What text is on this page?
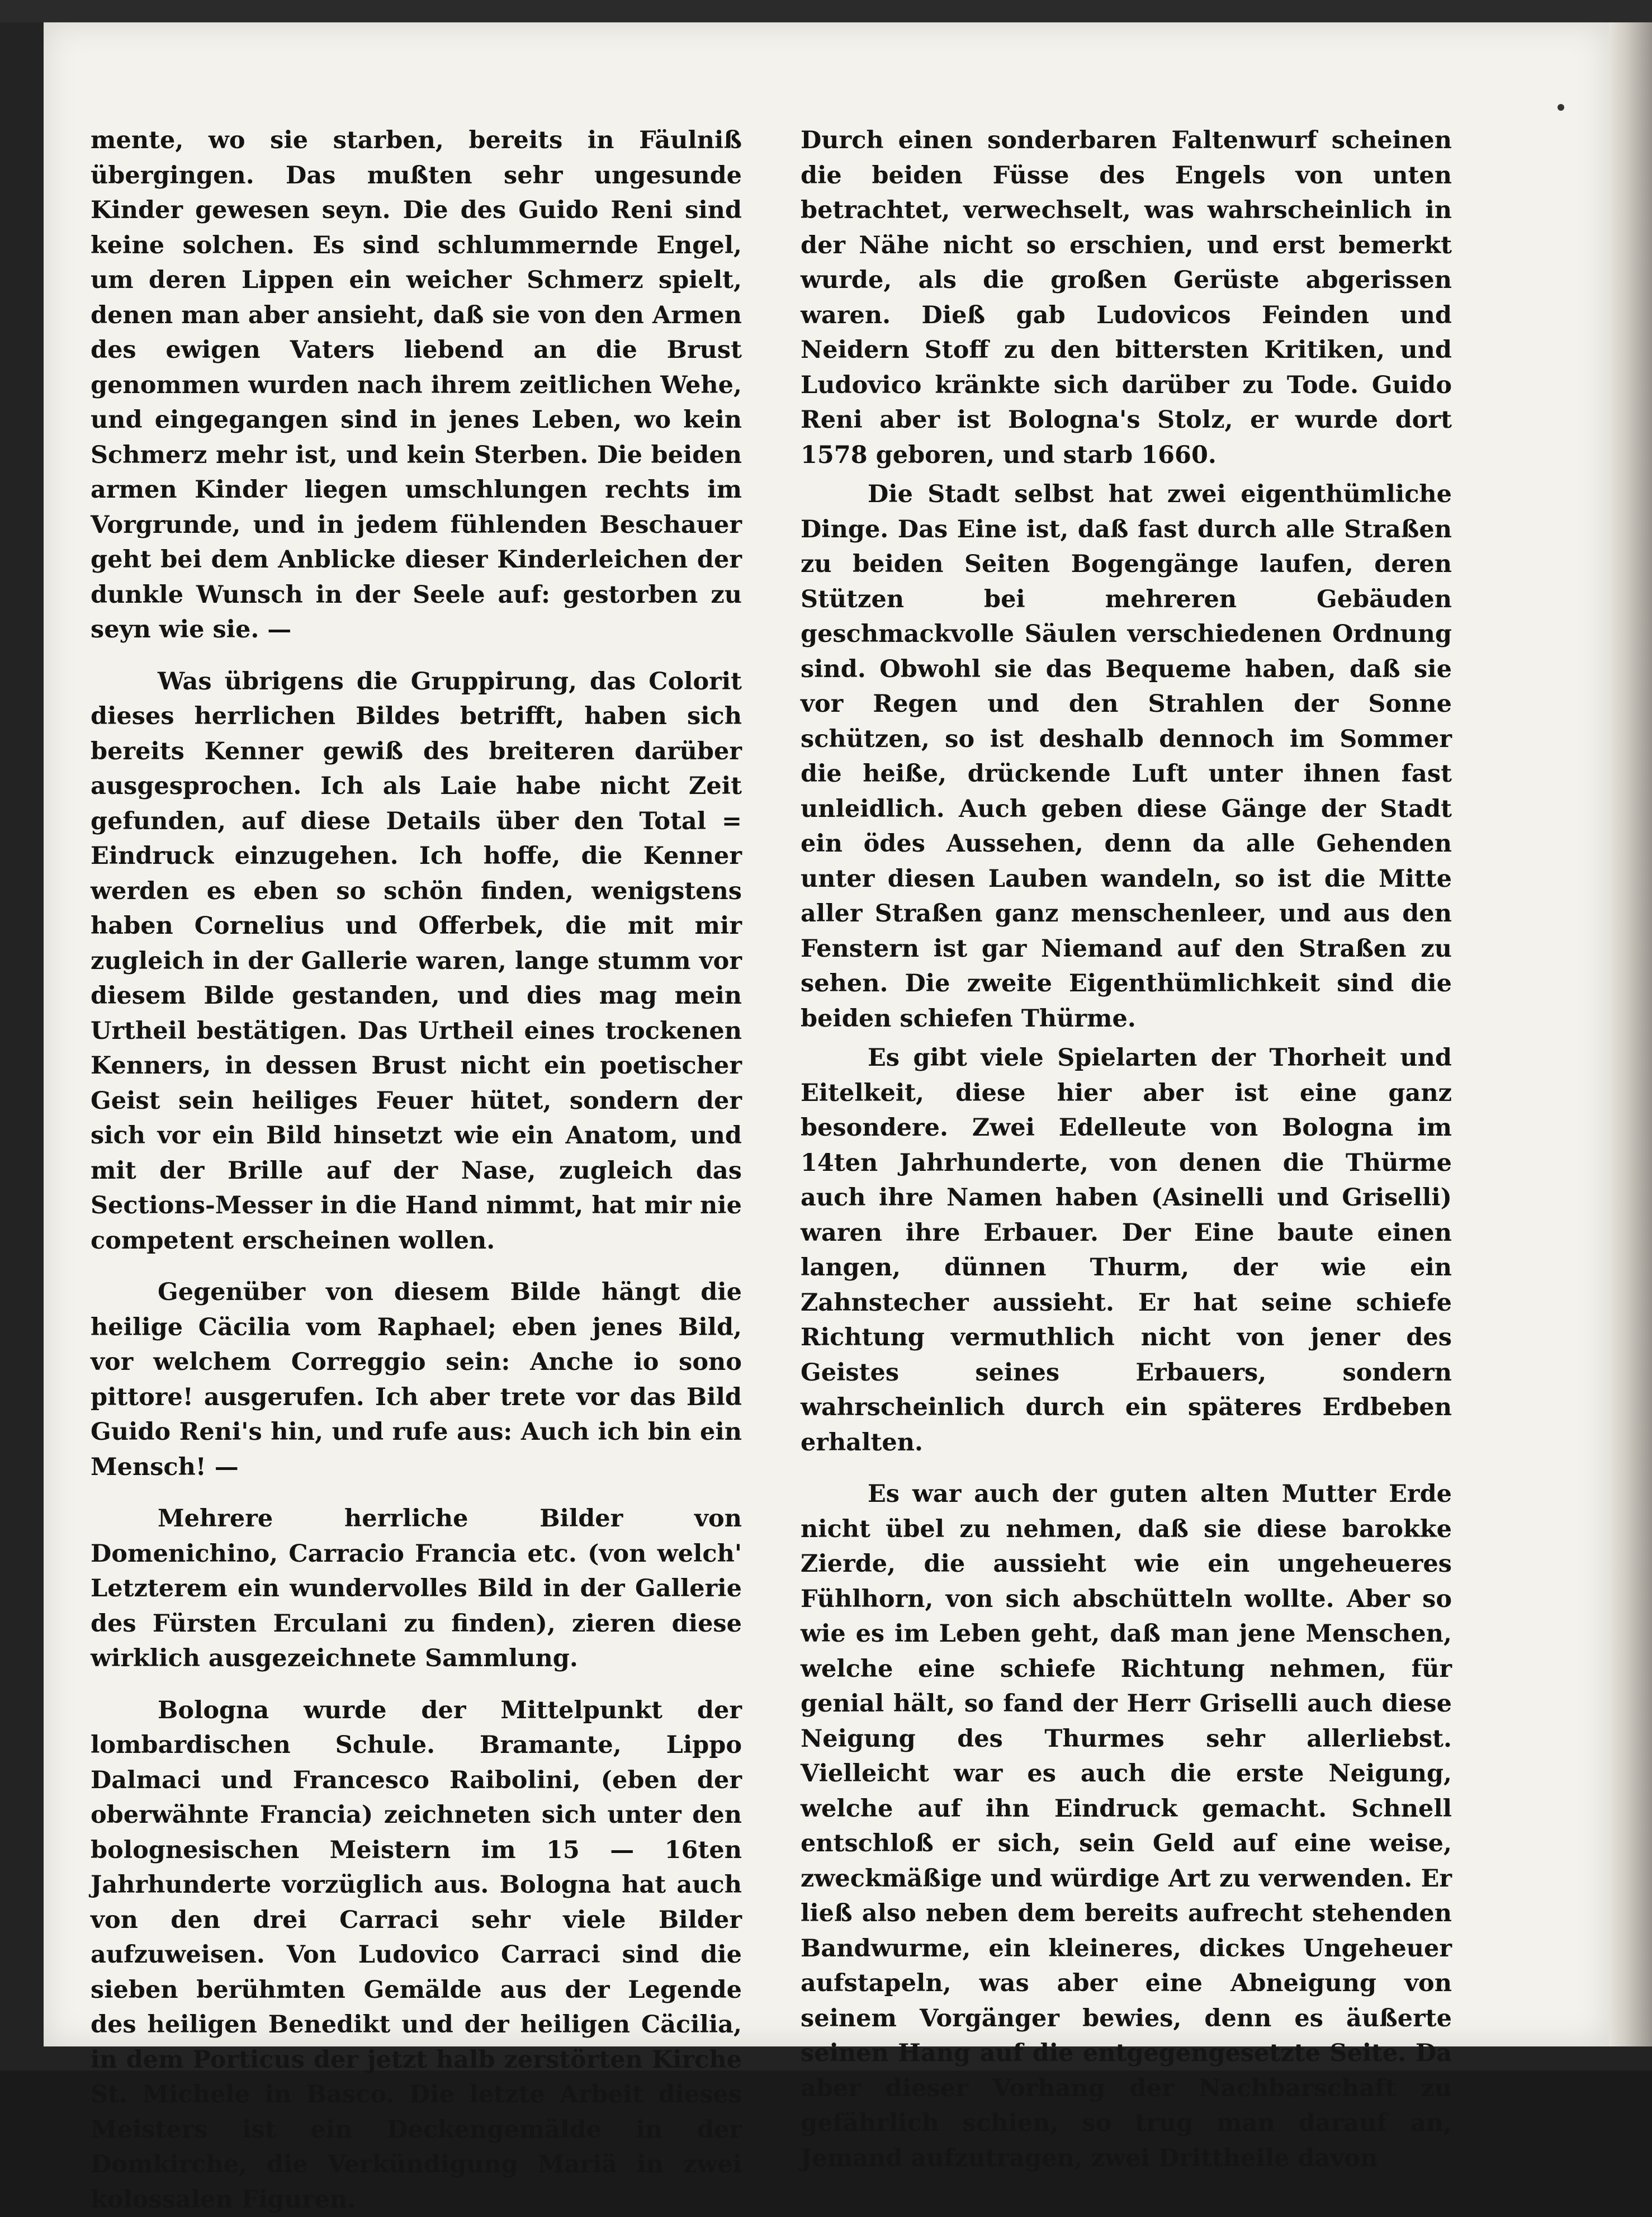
mente, wo sie starben, bereits in Fäulniß übergingen. Das mußten sehr ungesunde Kinder gewesen seyn. Die des Guido Reni sind keine solchen. Es sind schlummernde Engel, um deren Lippen ein weicher Schmerz spielt, denen man aber ansieht, daß sie von den Armen des ewigen Vaters liebend an die Brust genommen wurden nach ihrem zeitlichen Wehe, und eingegangen sind in jenes Leben, wo kein Schmerz mehr ist, und kein Sterben. Die beiden armen Kinder liegen umschlungen rechts im Vorgrunde, und in jedem fühlenden Beschauer geht bei dem Anblicke dieser Kinderleichen der dunkle Wunsch in der Seele auf: gestorben zu seyn wie sie. —

Was übrigens die Gruppirung, das Colorit dieses herrlichen Bildes betrifft, haben sich bereits Kenner gewiß des breiteren darüber ausgesprochen. Ich als Laie habe nicht Zeit gefunden, auf diese Details über den Total = Eindruck einzugehen. Ich hoffe, die Kenner werden es eben so schön finden, wenigstens haben Cornelius und Offerbek, die mit mir zugleich in der Gallerie waren, lange stumm vor diesem Bilde gestanden, und dies mag mein Urtheil bestätigen. Das Urtheil eines trockenen Kenners, in dessen Brust nicht ein poetischer Geist sein heiliges Feuer hütet, sondern der sich vor ein Bild hinsetzt wie ein Anatom, und mit der Brille auf der Nase, zugleich das Sections-Messer in die Hand nimmt, hat mir nie competent erscheinen wollen.

Gegenüber von diesem Bilde hängt die heilige Cäcilia vom Raphael; eben jenes Bild, vor welchem Correggio sein: Anche io sono pittore! ausgerufen. Ich aber trete vor das Bild Guido Reni's hin, und rufe aus: Auch ich bin ein Mensch! —

Mehrere herrliche Bilder von Domenichino, Carracio Francia etc. (von welch' Letzterem ein wundervolles Bild in der Gallerie des Fürsten Erculani zu finden), zieren diese wirklich ausgezeichnete Sammlung.

Bologna wurde der Mittelpunkt der lombardischen Schule. Bramante, Lippo Dalmaci und Francesco Raibolini, (eben der oberwähnte Francia) zeichneten sich unter den bolognesischen Meistern im 15 — 16ten Jahrhunderte vorzüglich aus. Bologna hat auch von den drei Carraci sehr viele Bilder aufzuweisen. Von Ludovico Carraci sind die sieben berühmten Gemälde aus der Legende des heiligen Benedikt und der heiligen Cäcilia, in dem Porticus der jetzt halb zerstörten Kirche St. Michele in Basco. Die letzte Arbeit dieses Meisters ist ein Deckengemälde in der Domkirche, die Verkündigung Mariä in zwei kolossalen Figuren.

Durch einen sonderbaren Faltenwurf scheinen die beiden Füsse des Engels von unten betrachtet, verwechselt, was wahrscheinlich in der Nähe nicht so erschien, und erst bemerkt wurde, als die großen Gerüste abgerissen waren. Dieß gab Ludovicos Feinden und Neidern Stoff zu den bittersten Kritiken, und Ludovico kränkte sich darüber zu Tode. Guido Reni aber ist Bologna's Stolz, er wurde dort 1578 geboren, und starb 1660.

Die Stadt selbst hat zwei eigenthümliche Dinge. Das Eine ist, daß fast durch alle Straßen zu beiden Seiten Bogengänge laufen, deren Stützen bei mehreren Gebäuden geschmackvolle Säulen verschiedenen Ordnung sind. Obwohl sie das Bequeme haben, daß sie vor Regen und den Strahlen der Sonne schützen, so ist deshalb dennoch im Sommer die heiße, drückende Luft unter ihnen fast unleidlich. Auch geben diese Gänge der Stadt ein ödes Aussehen, denn da alle Gehenden unter diesen Lauben wandeln, so ist die Mitte aller Straßen ganz menschenleer, und aus den Fenstern ist gar Niemand auf den Straßen zu sehen. Die zweite Eigenthümlichkeit sind die beiden schiefen Thürme.

Es gibt viele Spielarten der Thorheit und Eitelkeit, diese hier aber ist eine ganz besondere. Zwei Edelleute von Bologna im 14ten Jahrhunderte, von denen die Thürme auch ihre Namen haben (Asinelli und Griselli) waren ihre Erbauer. Der Eine baute einen langen, dünnen Thurm, der wie ein Zahnstecher aussieht. Er hat seine schiefe Richtung vermuthlich nicht von jener des Geistes seines Erbauers, sondern wahrscheinlich durch ein späteres Erdbeben erhalten.

Es war auch der guten alten Mutter Erde nicht übel zu nehmen, daß sie diese barokke Zierde, die aussieht wie ein ungeheueres Fühlhorn, von sich abschütteln wollte. Aber so wie es im Leben geht, daß man jene Menschen, welche eine schiefe Richtung nehmen, für genial hält, so fand der Herr Griselli auch diese Neigung des Thurmes sehr allerliebst. Vielleicht war es auch die erste Neigung, welche auf ihn Eindruck gemacht. Schnell entschloß er sich, sein Geld auf eine weise, zweckmäßige und würdige Art zu verwenden. Er ließ also neben dem bereits aufrecht stehenden Bandwurme, ein kleineres, dickes Ungeheuer aufstapeln, was aber eine Abneigung von seinem Vorgänger bewies, denn es äußerte seinen Hang auf die entgegengesetzte Seite. Da aber dieser Vorhang der Nachbarschaft zu gefährlich schien, so trug man darauf an, Jemand aufzutragen, zwei Drittheile davon
